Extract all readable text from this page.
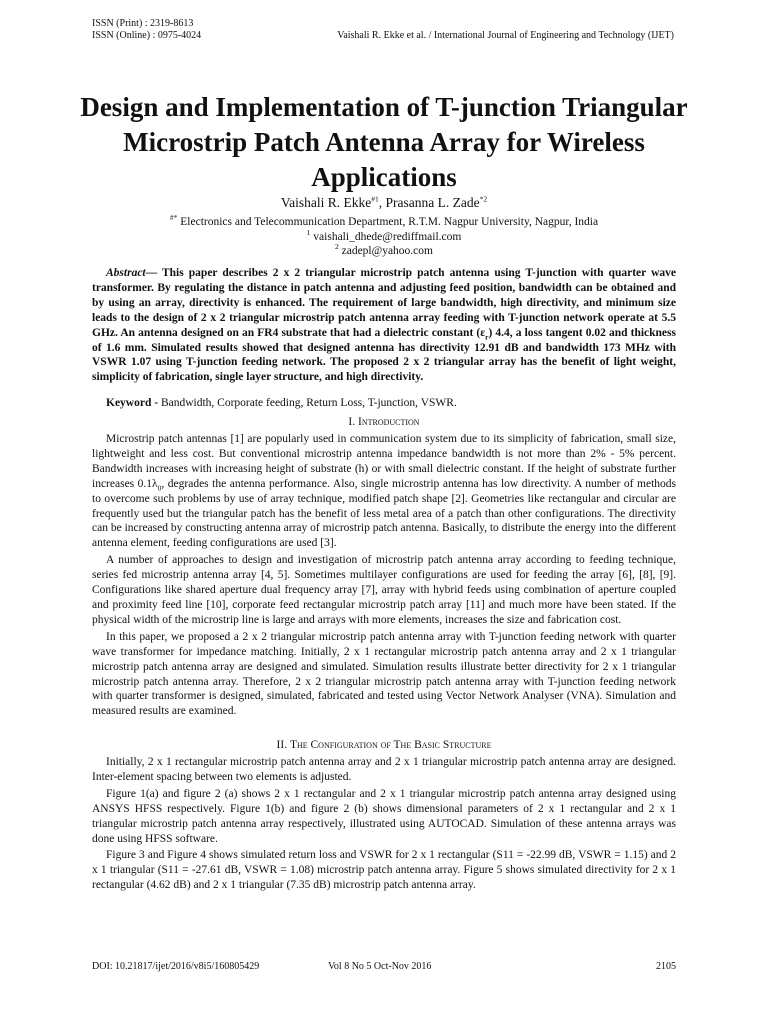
ISSN (Print) : 2319-8613
ISSN (Online) : 0975-4024	Vaishali R. Ekke et al. / International Journal of Engineering and Technology (IJET)
Design and Implementation of T-junction Triangular Microstrip Patch Antenna Array for Wireless Applications
Vaishali R. Ekke$^{\#1}$, Prasanna L. Zade$^{*2}$
#* Electronics and Telecommunication Department, R.T.M. Nagpur University, Nagpur, India
$^1$ vaishali_dhede@rediffmail.com
$^2$ zadepl@yahoo.com
Abstract— This paper describes 2 x 2 triangular microstrip patch antenna using T-junction with quarter wave transformer. By regulating the distance in patch antenna and adjusting feed position, bandwidth can be obtained and by using an array, directivity is enhanced. The requirement of large bandwidth, high directivity, and minimum size leads to the design of 2 x 2 triangular microstrip patch antenna array feeding with T-junction network operate at 5.5 GHz. An antenna designed on an FR4 substrate that had a dielectric constant $(\varepsilon_r)$ 4.4, a loss tangent 0.02 and thickness of 1.6 mm. Simulated results showed that designed antenna has directivity 12.91 dB and bandwidth 173 MHz with VSWR 1.07 using T-junction feeding network. The proposed 2 x 2 triangular array has the benefit of light weight, simplicity of fabrication, single layer structure, and high directivity.
Keyword - Bandwidth, Corporate feeding, Return Loss, T-junction, VSWR.
I. Introduction

Microstrip patch antennas [1] are popularly used in communication system due to its simplicity of fabrication, small size, lightweight and less cost. But conventional microstrip antenna impedance bandwidth is not more than 2% - 5% percent. Bandwidth increases with increasing height of substrate (h) or with small dielectric constant. If the height of substrate further increases $0.1\lambda_0$, degrades the antenna performance. Also, single microstrip antenna has low directivity. A number of methods to overcome such problems by use of array technique, modified patch shape [2]. Geometries like rectangular and circular are frequently used but the triangular patch has the benefit of less metal area of a patch than other configurations. The directivity can be increased by constructing antenna array of microstrip patch antenna. Basically, to distribute the energy into the different antenna element, feeding configurations are used [3].

A number of approaches to design and investigation of microstrip patch antenna array according to feeding technique, series fed microstrip antenna array [4, 5]. Sometimes multilayer configurations are used for feeding the array [6], [8], [9]. Configurations like shared aperture dual frequency array [7], array with hybrid feeds using combination of aperture coupled and proximity feed line [10], corporate feed rectangular microstrip patch array [11] and much more have been stated. If the physical width of the microstrip line is large and arrays with more elements, increases the size and fabrication cost.

In this paper, we proposed a 2 x 2 triangular microstrip patch antenna array with T-junction feeding network with quarter wave transformer for impedance matching. Initially, 2 x 1 rectangular microstrip patch antenna array and 2 x 1 triangular microstrip patch antenna array are designed and simulated. Simulation results illustrate better directivity for 2 x 1 triangular microstrip patch antenna array. Therefore, 2 x 2 triangular microstrip patch antenna array with T-junction feeding network with quarter transformer is designed, simulated, fabricated and tested using Vector Network Analyser (VNA). Simulation and measured results are examined.

II. The Configuration of The Basic Structure

Initially, 2 x 1 rectangular microstrip patch antenna array and 2 x 1 triangular microstrip patch antenna array are designed. Inter-element spacing between two elements is adjusted.

Figure 1(a) and figure 2 (a) shows 2 x 1 rectangular and 2 x 1 triangular microstrip patch antenna array designed using ANSYS HFSS respectively. Figure 1(b) and figure 2 (b) shows dimensional parameters of 2 x 1 rectangular and 2 x 1 triangular microstrip patch antenna array respectively, illustrated using AUTOCAD. Simulation of these antenna arrays was done using HFSS software.

Figure 3 and Figure 4 shows simulated return loss and VSWR for 2 x 1 rectangular (S11 = -22.99 dB, VSWR = 1.15) and 2 x 1 triangular (S11 = -27.61 dB, VSWR = 1.08) microstrip patch antenna array. Figure 5 shows simulated directivity for 2 x 1 rectangular (4.62 dB) and 2 x 1 triangular (7.35 dB) microstrip patch antenna array.

DOI: 10.21817/ijet/2016/v8i5/160805429	Vol 8 No 5 Oct-Nov 2016	2105
